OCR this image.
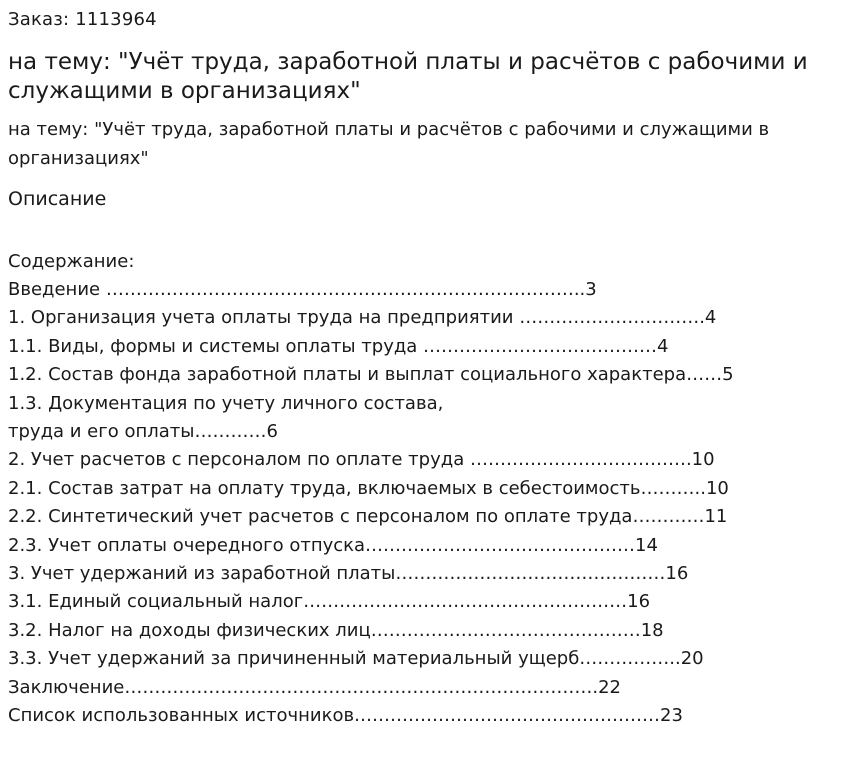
Заказ: 1113964
на тему: "Учёт труда, заработной платы и расчётов с рабочими и служащими в организациях"
на тему: "Учёт труда, заработной платы и расчётов с рабочими и служащими в организациях"
Описание
Содержание:
Введение ……………………………………………………………………..3
1. Организация учета оплаты труда на предприятии ………………………….4
1.1. Виды, формы и системы оплаты труда …………………………………4
1.2. Состав фонда заработной платы и выплат социального характера……5
1.3. Документация по учету личного состава,
труда и его оплаты…………6
2. Учет расчетов с персоналом по оплате труда ……………………………….10
2.1. Состав затрат на оплату труда, включаемых в себестоимость………..10
2.2. Синтетический учет расчетов с персоналом по оплате труда…………11
2.3. Учет оплаты очередного отпуска………………………………………14
3. Учет удержаний из заработной платы………………………………………16
3.1. Единый социальный налог………………………………………………16
3.2. Налог на доходы физических лиц………………………………………18
3.3. Учет удержаний за причиненный материальный ущерб……………..20
Заключение…………………………………………………………………….22
Список использованных источников……………………………………………23
